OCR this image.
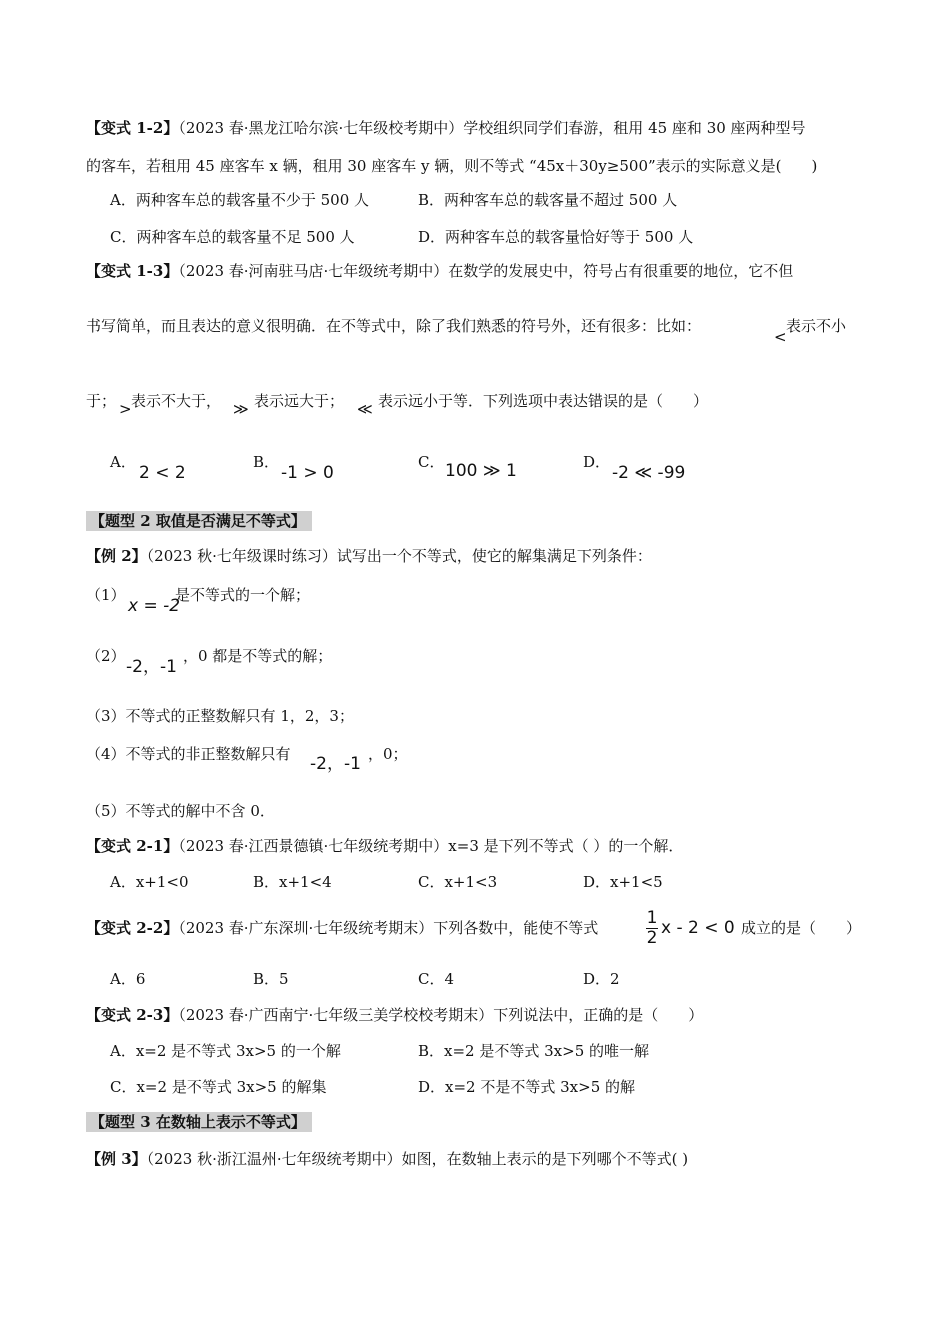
【变式 1-2】（2023 春·黑龙江哈尔滨·七年级校考期中）学校组织同学们春游，租用 45 座和 30 座两种型号
的客车，若租用 45 座客车 x 辆，租用 30 座客车 y 辆，则不等式 “45x＋30y≥500”表示的实际意义是(　　)
A．两种客车总的载客量不少于 500 人	B．两种客车总的载客量不超过 500 人
C．两种客车总的载客量不足 500 人	D．两种客车总的载客量恰好等于 500 人
【变式 1-3】（2023 春·河南驻马店·七年级统考期中）在数学的发展史中，符号占有很重要的地位，它不但
书写简单，而且表达的意义很明确．在不等式中，除了我们熟悉的符号外，还有很多：比如：
<
表示不小
于； > 表示不大于， ≫ 表示远大于； ≪ 表示远小于等．下列选项中表达错误的是（　　）
A．
2 < 2
B．
-1 > 0
C． 100 ≫ 1	D．
-2 ≪ -99
【题型 2 取值是否满足不等式】
【例 2】（2023 秋·七年级课时练习）试写出一个不等式，使它的解集满足下列条件：
（1）
x = -2
是不等式的一个解；
（2）
-2，-1
，0 都是不等式的解；
（3）不等式的正整数解只有 1，2，3；
（4）不等式的非正整数解只有 -2，-1 ，0；
（5）不等式的解中不含 0．
【变式 2-1】（2023 春·江西景德镇·七年级统考期中）x=3 是下列不等式（ ）的一个解．
A．x+1<0	B．x+1<4	C．x+1<3	D．x+1<5
【变式 2-2】（2023 春·广东深圳·七年级统考期末）下列各数中，能使不等式	1
2 x - 2 < 0 成立的是（　　）
A．6	B．5	C．4	D．2
【变式 2-3】（2023 春·广西南宁·七年级三美学校校考期末）下列说法中，正确的是（　　）
A．x=2 是不等式 3x>5 的一个解	B．x=2 是不等式 3x>5 的唯一解
C．x=2 是不等式 3x>5 的解集	D．x=2 不是不等式 3x>5 的解
【题型 3 在数轴上表示不等式】
【例 3】（2023 秋·浙江温州·七年级统考期中）如图，在数轴上表示的是下列哪个不等式( )
